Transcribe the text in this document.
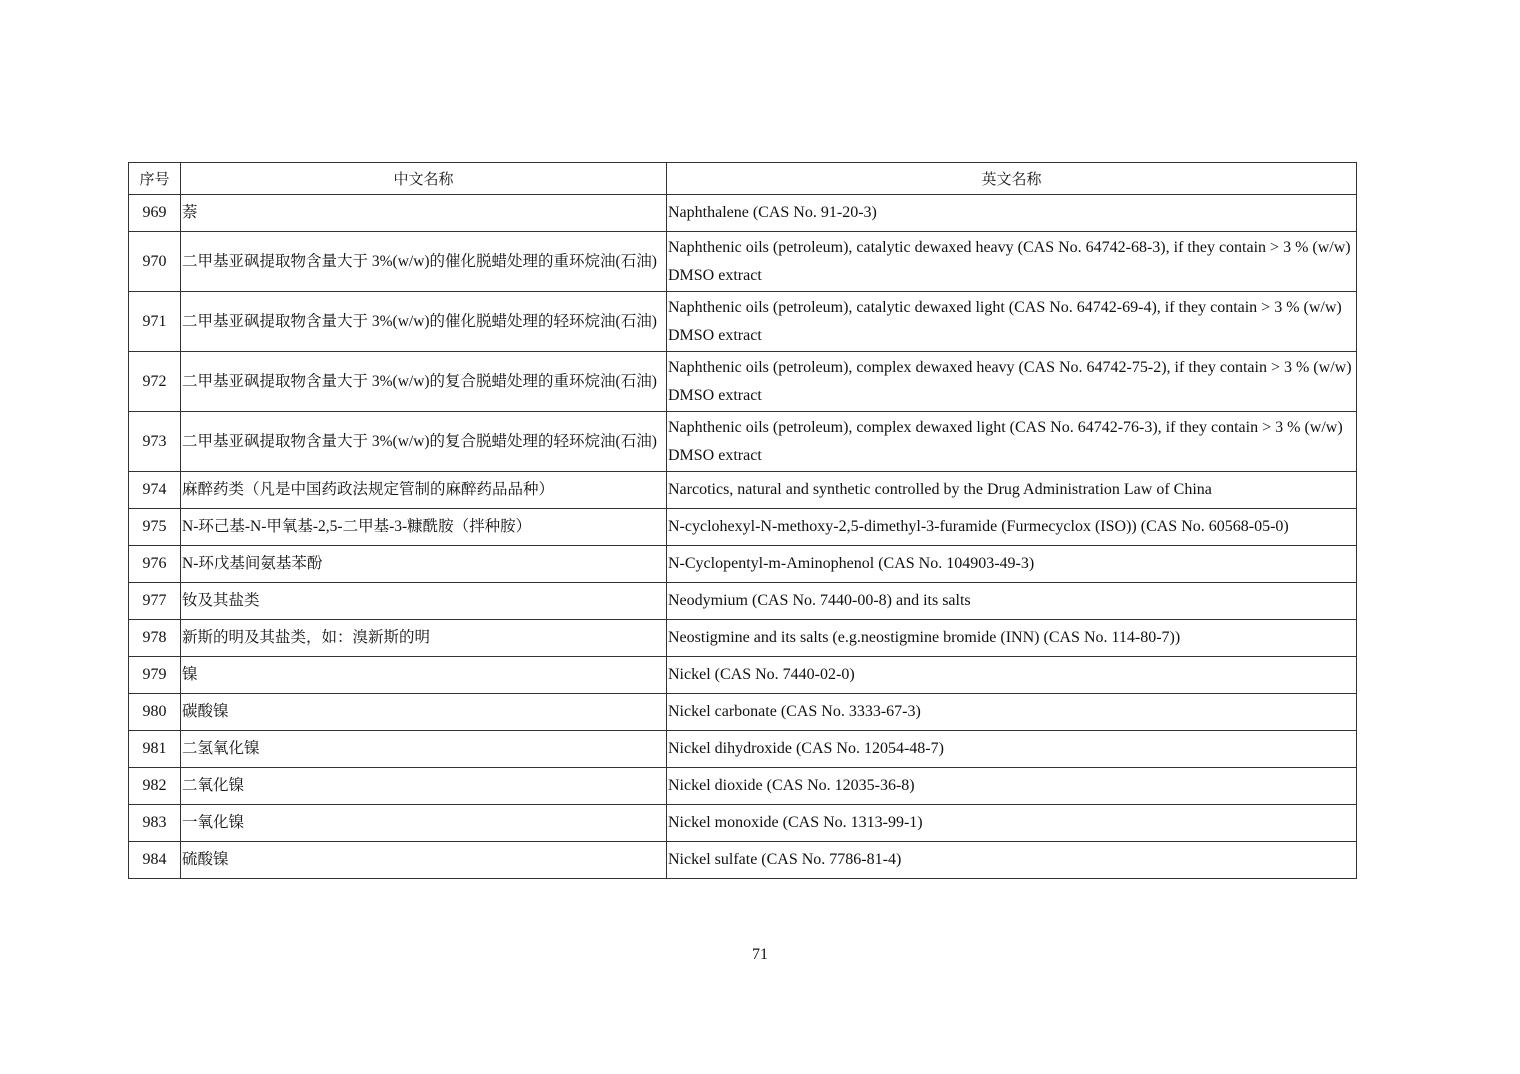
序号	中文名称	英文名称
969	萘	Naphthalene (CAS No. 91-20-3)
970	二甲基亚砜提取物含量大于 3%(w/w)的催化脱蜡处理的重环烷油(石油)	Naphthenic oils (petroleum), catalytic dewaxed heavy (CAS No. 64742-68-3), if they contain > 3 % (w/w) DMSO extract
971	二甲基亚砜提取物含量大于 3%(w/w)的催化脱蜡处理的轻环烷油(石油)	Naphthenic oils (petroleum), catalytic dewaxed light (CAS No. 64742-69-4), if they contain > 3 % (w/w) DMSO extract
972	二甲基亚砜提取物含量大于 3%(w/w)的复合脱蜡处理的重环烷油(石油)	Naphthenic oils (petroleum), complex dewaxed heavy (CAS No. 64742-75-2), if they contain > 3 % (w/w) DMSO extract
973	二甲基亚砜提取物含量大于 3%(w/w)的复合脱蜡处理的轻环烷油(石油)	Naphthenic oils (petroleum), complex dewaxed light (CAS No. 64742-76-3), if they contain > 3 % (w/w) DMSO extract
974	麻醉药类（凡是中国药政法规定管制的麻醉药品品种）	Narcotics, natural and synthetic controlled by the Drug Administration Law of China
975	N-环己基-N-甲氧基-2,5-二甲基-3-糠酰胺（拌种胺）	N-cyclohexyl-N-methoxy-2,5-dimethyl-3-furamide (Furmecyclox (ISO)) (CAS No. 60568-05-0)
976	N-环戊基间氨基苯酚	N-Cyclopentyl-m-Aminophenol (CAS No. 104903-49-3)
977	钕及其盐类	Neodymium (CAS No. 7440-00-8) and its salts
978	新斯的明及其盐类，如：溴新斯的明	Neostigmine and its salts (e.g.neostigmine bromide (INN) (CAS No. 114-80-7))
979	镍	Nickel (CAS No. 7440-02-0)
980	碳酸镍	Nickel carbonate (CAS No. 3333-67-3)
981	二氢氧化镍	Nickel dihydroxide (CAS No. 12054-48-7)
982	二氧化镍	Nickel dioxide (CAS No. 12035-36-8)
983	一氧化镍	Nickel monoxide (CAS No. 1313-99-1)
984	硫酸镍	Nickel sulfate (CAS No. 7786-81-4)
71
